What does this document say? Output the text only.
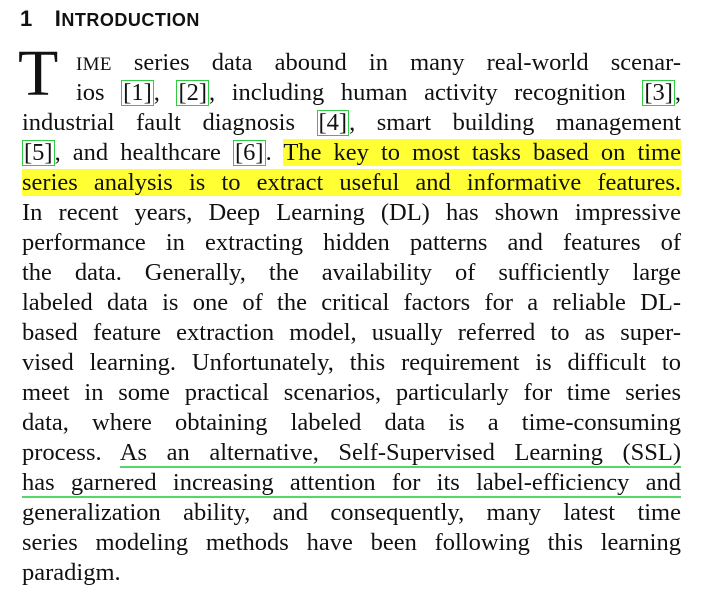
1 INTRODUCTION
T IME series data abound in many real-world scenar-
ios [1], [2], including human activity recognition [3],
industrial fault diagnosis [4], smart building management
[5], and healthcare [6]. The key to most tasks based on time
series analysis is to extract useful and informative features.
In recent years, Deep Learning (DL) has shown impressive
performance in extracting hidden patterns and features of
the data. Generally, the availability of sufficiently large
labeled data is one of the critical factors for a reliable DL-
based feature extraction model, usually referred to as super-
vised learning. Unfortunately, this requirement is difficult to
meet in some practical scenarios, particularly for time series
data, where obtaining labeled data is a time-consuming
process. As an alternative, Self-Supervised Learning (SSL)
has garnered increasing attention for its label-efficiency and
generalization ability, and consequently, many latest time
series modeling methods have been following this learning
paradigm.
